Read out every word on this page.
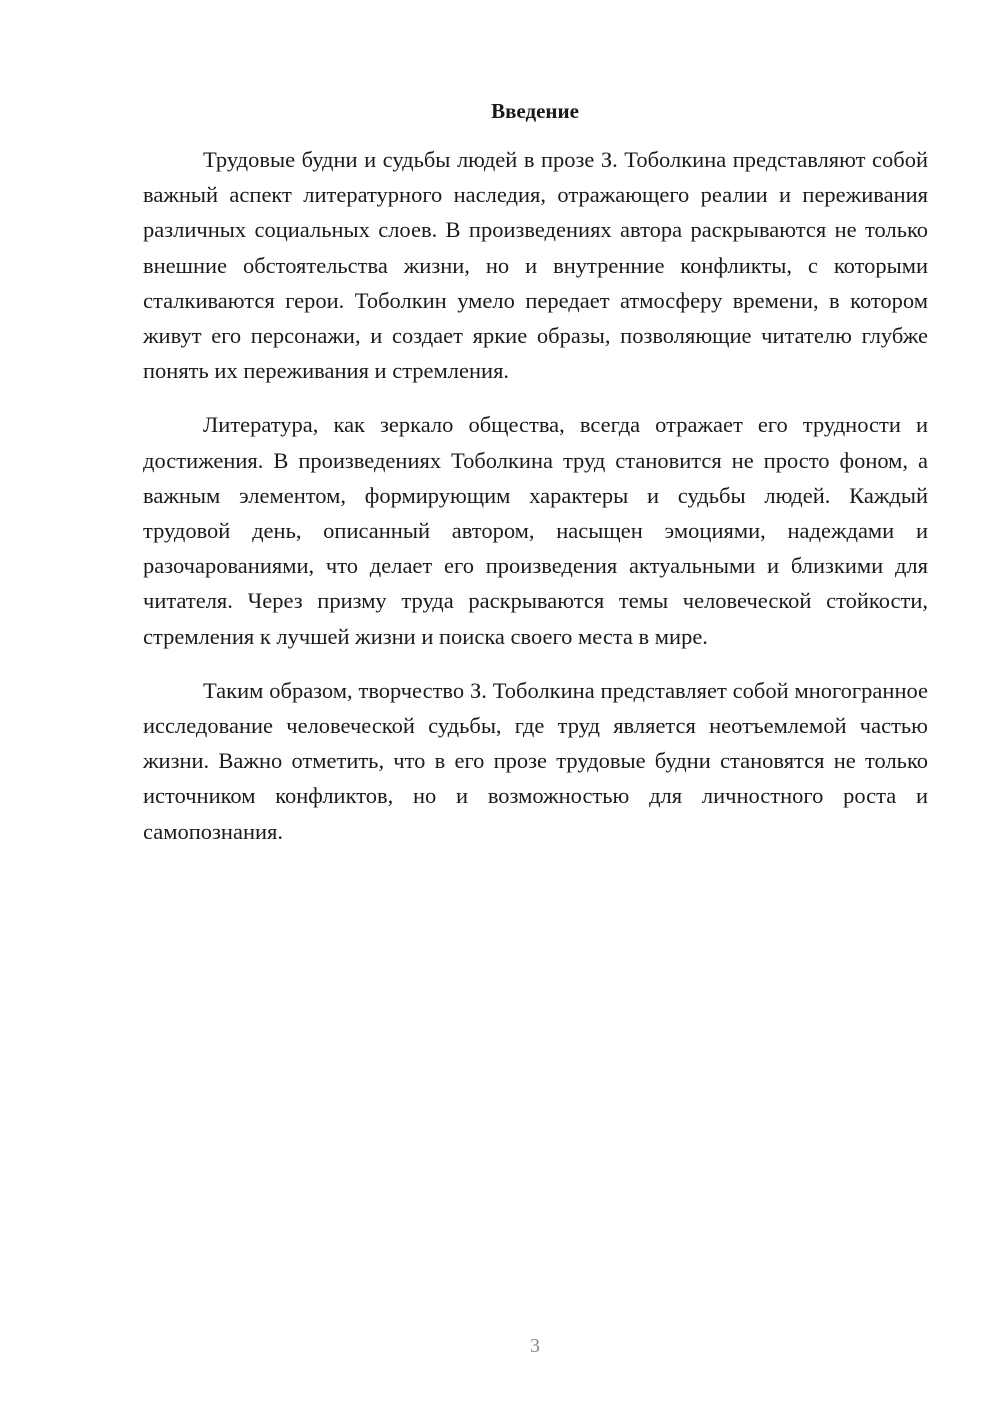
Введение

Трудовые будни и судьбы людей в прозе З. Тоболкина представляют собой важный аспект литературного наследия, отражающего реалии и переживания различных социальных слоев. В произведениях автора раскрываются не только внешние обстоятельства жизни, но и внутренние конфликты, с которыми сталкиваются герои. Тоболкин умело передает атмосферу времени, в котором живут его персонажи, и создает яркие образы, позволяющие читателю глубже понять их переживания и стремления.

Литература, как зеркало общества, всегда отражает его трудности и достижения. В произведениях Тоболкина труд становится не просто фоном, а важным элементом, формирующим характеры и судьбы людей. Каждый трудовой день, описанный автором, насыщен эмоциями, надеждами и разочарованиями, что делает его произведения актуальными и близкими для читателя. Через призму труда раскрываются темы человеческой стойкости, стремления к лучшей жизни и поиска своего места в мире.

Таким образом, творчество З. Тоболкина представляет собой многогранное исследование человеческой судьбы, где труд является неотъемлемой частью жизни. Важно отметить, что в его прозе трудовые будни становятся не только источником конфликтов, но и возможностью для личностного роста и самопознания.

3
